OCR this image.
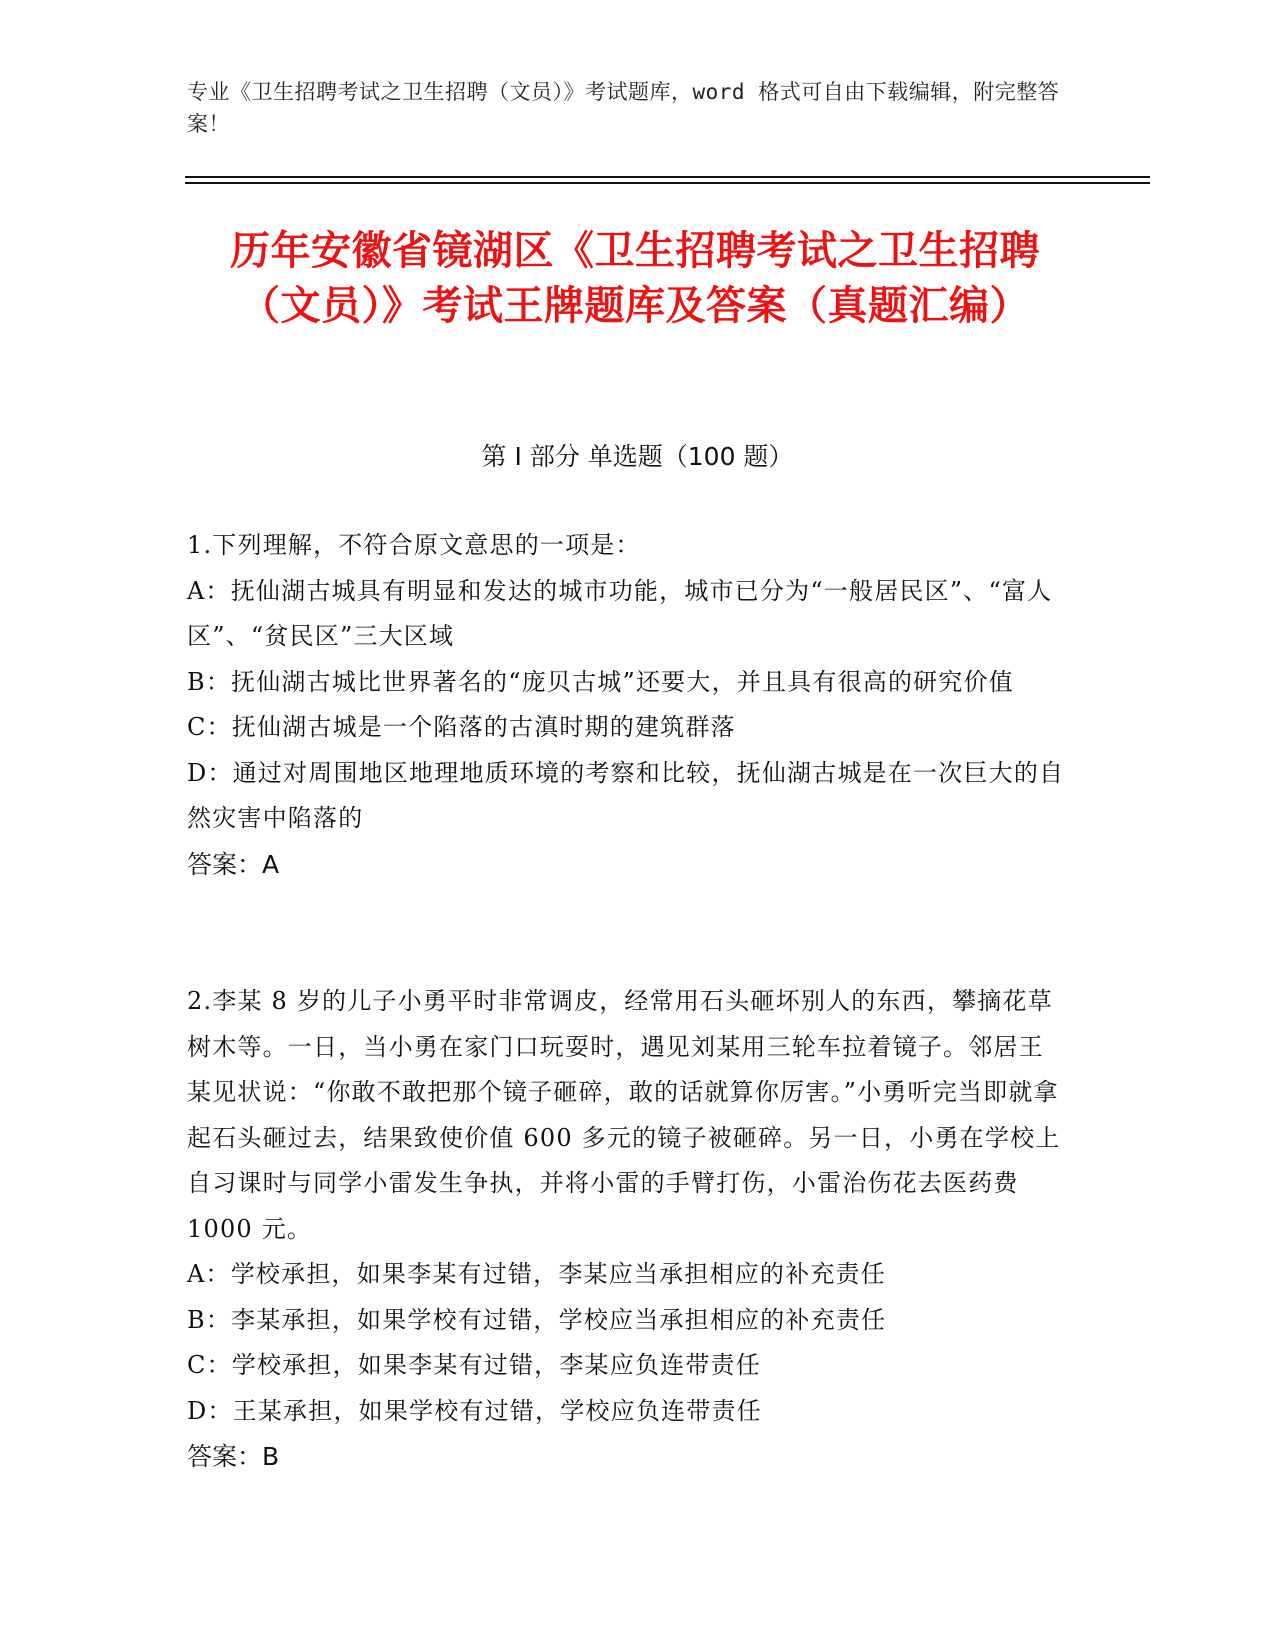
专业《卫生招聘考试之卫生招聘（文员）》考试题库，word 格式可自由下载编辑，附完整答案！
历年安徽省镜湖区《卫生招聘考试之卫生招聘（文员）》考试王牌题库及答案（真题汇编）
第 I 部分 单选题（100 题）

1.下列理解，不符合原文意思的一项是：

A：抚仙湖古城具有明显和发达的城市功能，城市已分为“一般居民区”、“富人区”、“贫民区”三大区域

B：抚仙湖古城比世界著名的“庞贝古城”还要大，并且具有很高的研究价值

C：抚仙湖古城是一个陷落的古滇时期的建筑群落

D：通过对周围地区地理地质环境的考察和比较，抚仙湖古城是在一次巨大的自然灾害中陷落的

答案：A

2.李某 8 岁的儿子小勇平时非常调皮，经常用石头砸坏别人的东西，攀摘花草树木等。一日，当小勇在家门口玩耍时，遇见刘某用三轮车拉着镜子。邻居王某见状说：“你敢不敢把那个镜子砸碎，敢的话就算你厉害。”小勇听完当即就拿起石头砸过去，结果致使价值 600 多元的镜子被砸碎。另一日，小勇在学校上自习课时与同学小雷发生争执，并将小雷的手臂打伤，小雷治伤花去医药费 1000 元。

A：学校承担，如果李某有过错，李某应当承担相应的补充责任

B：李某承担，如果学校有过错，学校应当承担相应的补充责任

C：学校承担，如果李某有过错，李某应负连带责任

D：王某承担，如果学校有过错，学校应负连带责任

答案：B
